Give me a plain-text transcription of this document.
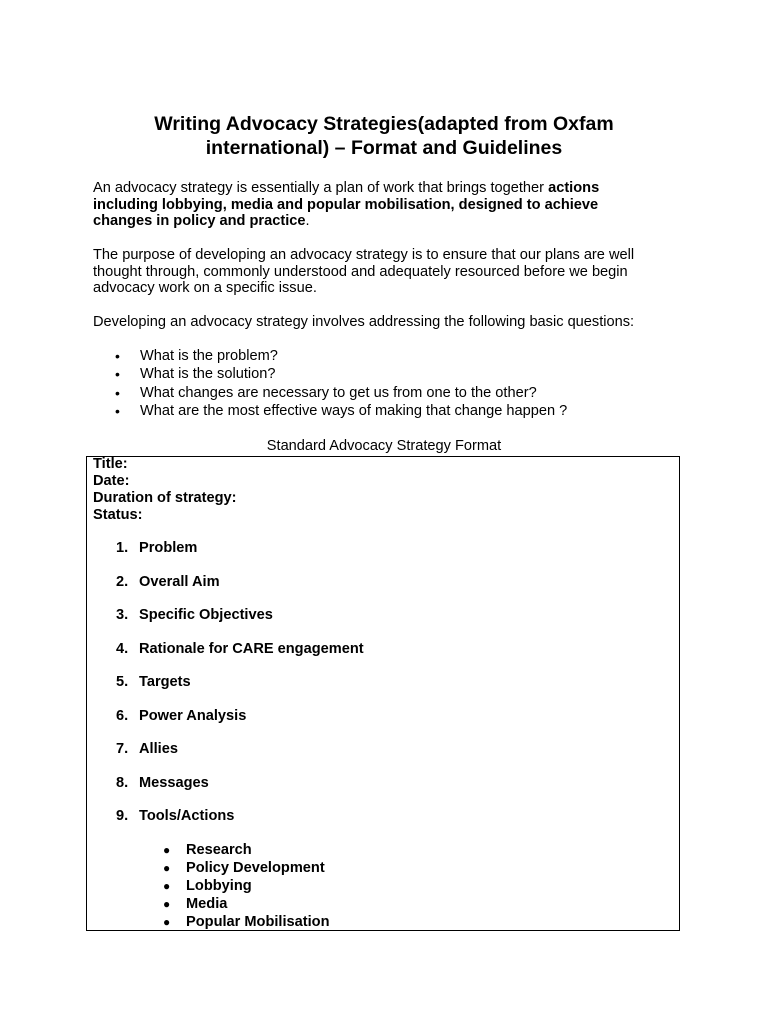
Writing Advocacy Strategies(adapted from Oxfam
international) – Format and Guidelines
An advocacy strategy is essentially a plan of work that brings together actions
including lobbying, media and popular mobilisation, designed to achieve
changes in policy and practice.
The purpose of developing an advocacy strategy is to ensure that our plans are well
thought through, commonly understood and adequately resourced before we begin
advocacy work on a specific issue.
Developing an advocacy strategy involves addressing the following basic questions:
• What is the problem?
• What is the solution?
• What changes are necessary to get us from one to the other?
• What are the most effective ways of making that change happen ?
Standard Advocacy Strategy Format
Title:
Date:
Duration of strategy:
Status:
1. Problem
2. Overall Aim
3. Specific Objectives
4. Rationale for CARE engagement
5. Targets
6. Power Analysis
7. Allies
8. Messages
9. Tools/Actions
● Research
● Policy Development
● Lobbying
● Media
● Popular Mobilisation
